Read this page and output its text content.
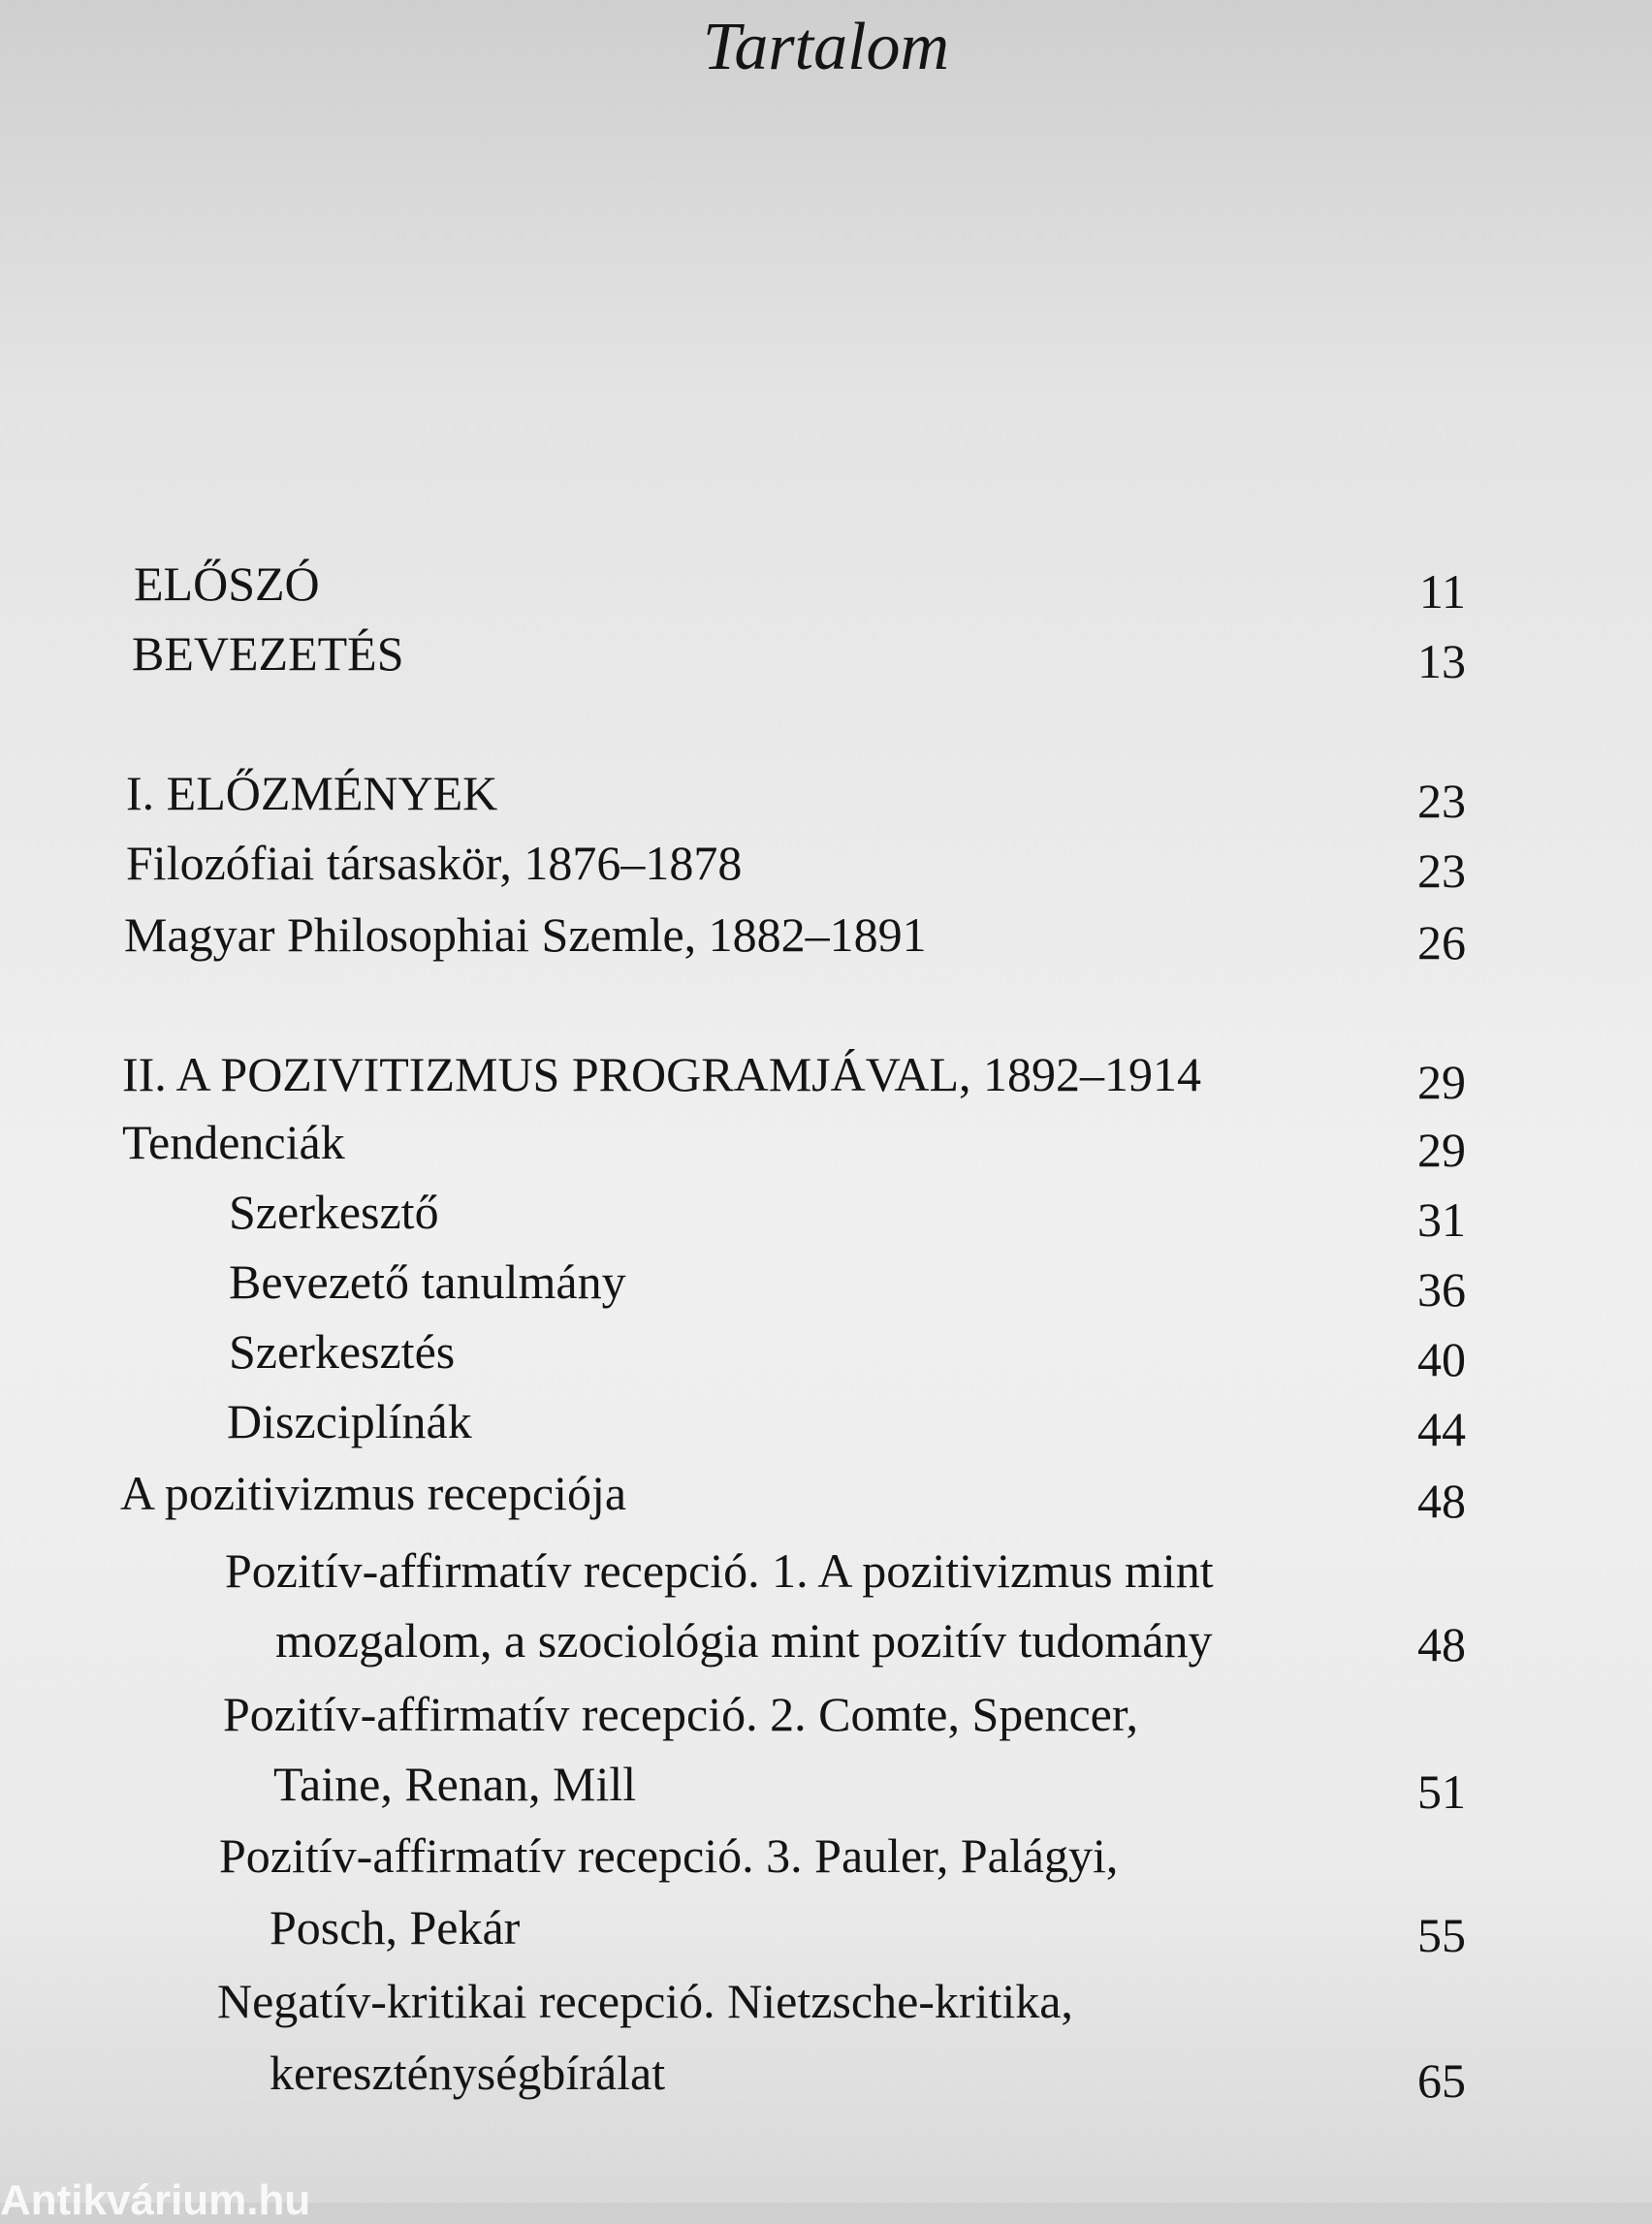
Tartalom
ELŐSZÓ	11
BEVEZETÉS	13
I. ELŐZMÉNYEK	23
Filozófiai társaskör, 1876–1878	23
Magyar Philosophiai Szemle, 1882–1891	26
II. A POZIVITIZMUS PROGRAMJÁVAL, 1892–1914	29
Tendenciák	29
Szerkesztő	31
Bevezető tanulmány	36
Szerkesztés	40
Diszciplínák	44
A pozitivizmus recepciója	48
Pozitív-affirmatív recepció. 1. A pozitivizmus mint
mozgalom, a szociológia mint pozitív tudomány	48
Pozitív-affirmatív recepció. 2. Comte, Spencer,
Taine, Renan, Mill	51
Pozitív-affirmatív recepció. 3. Pauler, Palágyi,
Posch, Pekár	55
Negatív-kritikai recepció. Nietzsche-kritika,
kereszténységbírálat	65
Antikvárium.hu
